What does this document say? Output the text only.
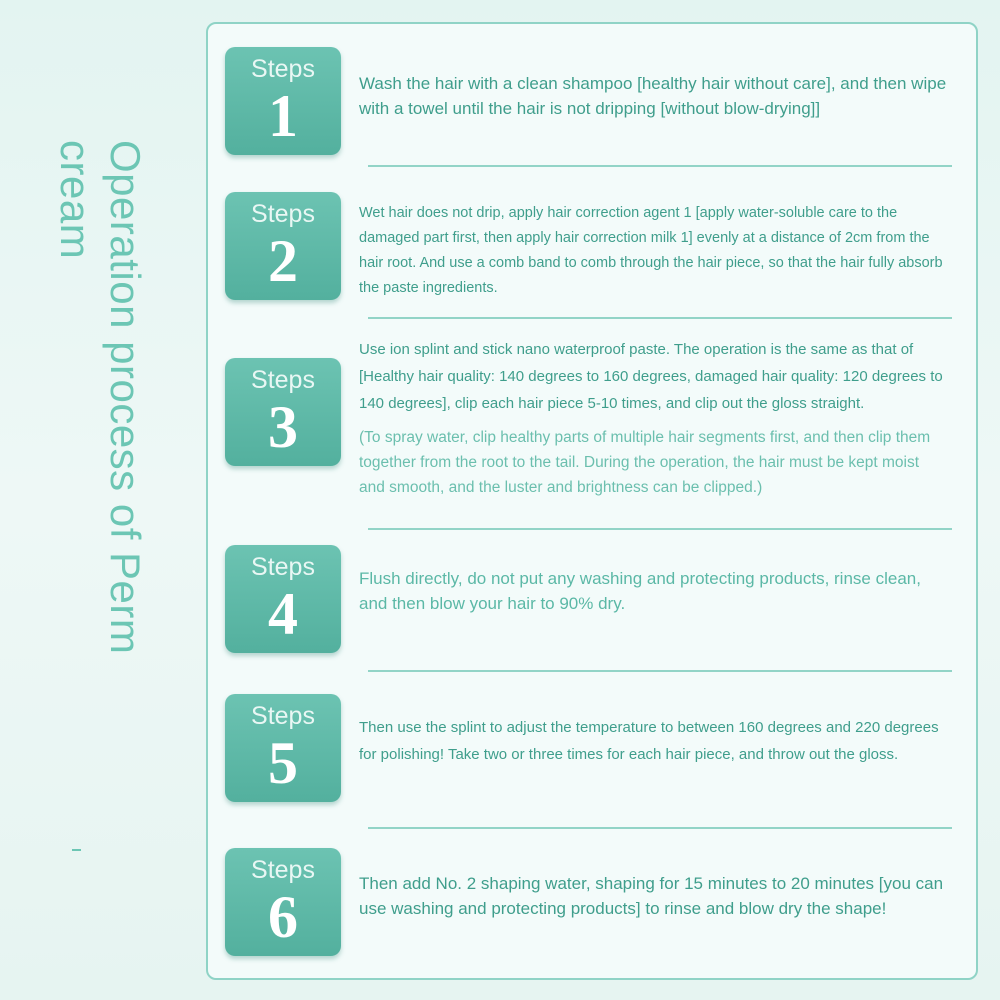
Operation process of Perm cream
Steps
1	Wash the hair with a clean shampoo [healthy hair without care], and then wipe with a towel until the hair is not dripping [without blow-drying]]
Steps
2
Wet hair does not drip, apply hair correction agent 1 [apply water-soluble care to the damaged part first, then apply hair correction milk 1] evenly at a distance of 2cm from the hair root. And use a comb band to comb through the hair piece, so that the hair fully absorb the paste ingredients.
Steps
3

Use ion splint and stick nano waterproof paste. The operation is the same as that of [Healthy hair quality: 140 degrees to 160 degrees, damaged hair quality: 120 degrees to 140 degrees], clip each hair piece 5-10 times, and clip out the gloss straight.

(To spray water, clip healthy parts of multiple hair segments first, and then clip them together from the root to the tail. During the operation, the hair must be kept moist and smooth, and the luster and brightness can be clipped.)

Steps
4
Flush directly, do not put any washing and protecting products, rinse clean, and then blow your hair to 90% dry.
Steps
5
Then use the splint to adjust the temperature to between 160 degrees and 220 degrees for polishing! Take two or three times for each hair piece, and throw out the gloss.
Steps
6
Then add No. 2 shaping water, shaping for 15 minutes to 20 minutes [you can use washing and protecting products] to rinse and blow dry the shape!
